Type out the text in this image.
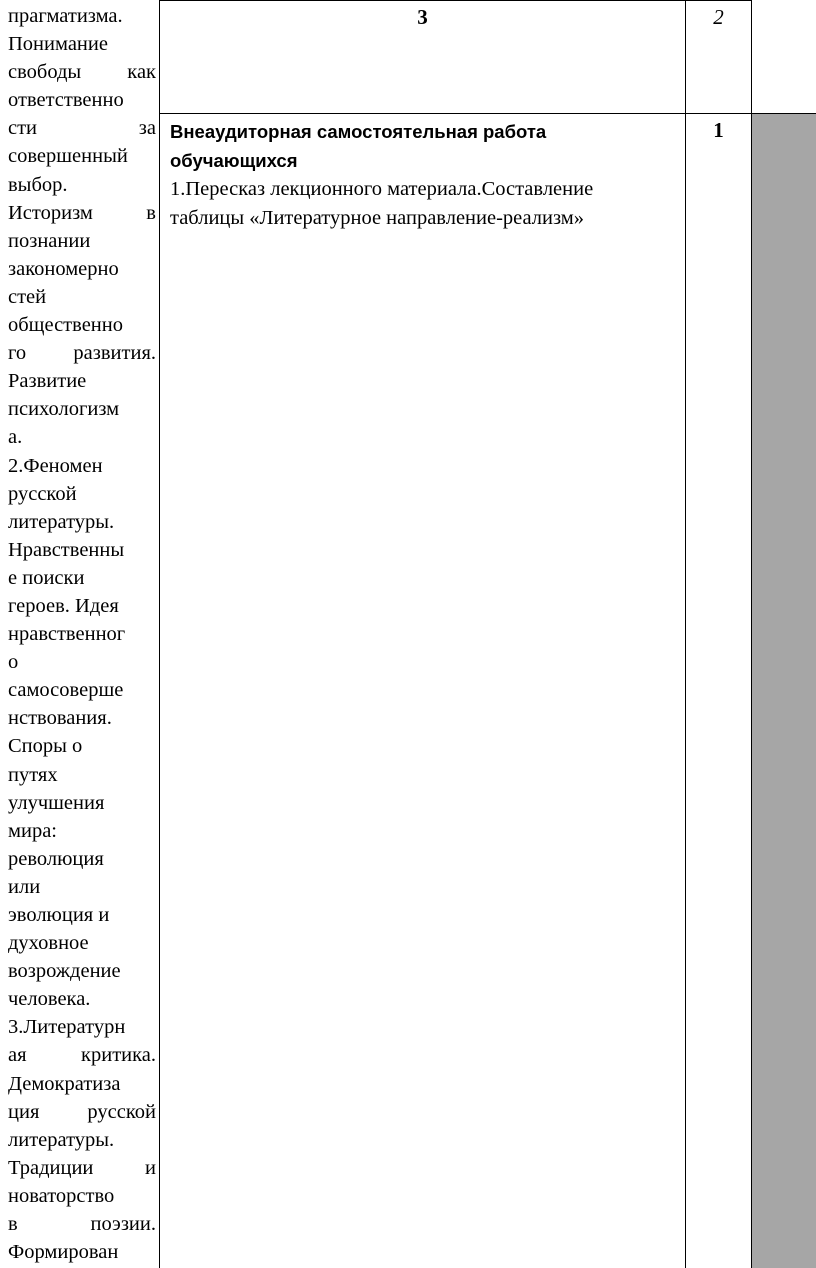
прагматизма.
Понимание
свободы как
ответственно
сти за
совершенный
выбор.
Историзм в
познании
закономерно
стей
общественно
го развития.
Развитие
психологизм
а.
2.Феномен
русской
литературы.
Нравственны
е поиски
героев. Идея
нравственног
о
самосоверше
нствования.
Споры о
путях
улучшения
мира:
революция
или
эволюция и
духовное
возрождение
человека.
3.Литературн
ая критика.
Демократиза
ция русской
литературы.
Традиции и
новаторство
в поэзии.
Формирован
3	2
Внеаудиторная самостоятельная работа
обучающихся
1.Пересказ лекционного материала.Составление
таблицы «Литературное направление-реализм»
1
